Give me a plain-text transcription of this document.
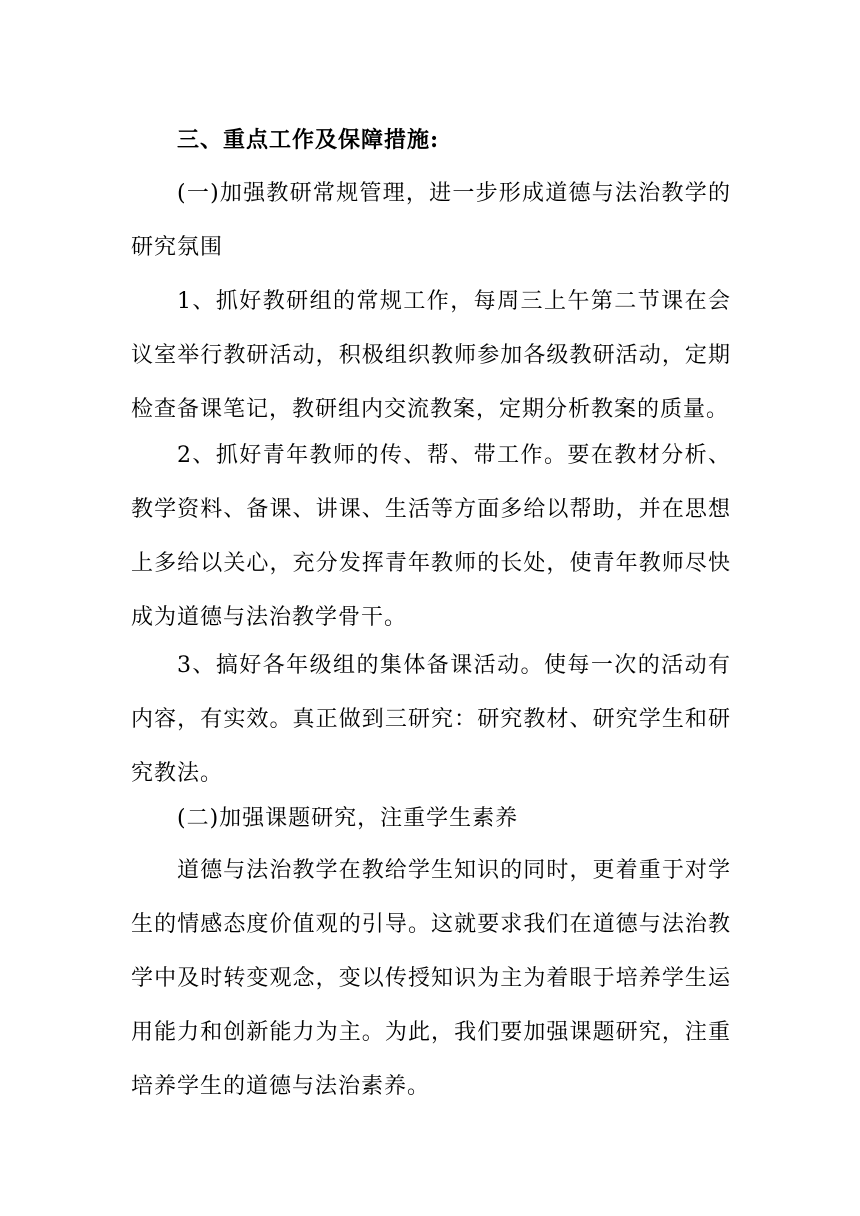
三、重点工作及保障措施:

(一)加强教研常规管理，进一步形成道德与法治教学的研究氛围

1、抓好教研组的常规工作，每周三上午第二节课在会议室举行教研活动，积极组织教师参加各级教研活动，定期检查备课笔记，教研组内交流教案，定期分析教案的质量。

2、抓好青年教师的传、帮、带工作。要在教材分析、教学资料、备课、讲课、生活等方面多给以帮助，并在思想上多给以关心，充分发挥青年教师的长处，使青年教师尽快成为道德与法治教学骨干。

3、搞好各年级组的集体备课活动。使每一次的活动有内容，有实效。真正做到三研究：研究教材、研究学生和研究教法。

(二)加强课题研究，注重学生素养

道德与法治教学在教给学生知识的同时，更着重于对学生的情感态度价值观的引导。这就要求我们在道德与法治教学中及时转变观念，变以传授知识为主为着眼于培养学生运用能力和创新能力为主。为此，我们要加强课题研究，注重培养学生的道德与法治素养。
